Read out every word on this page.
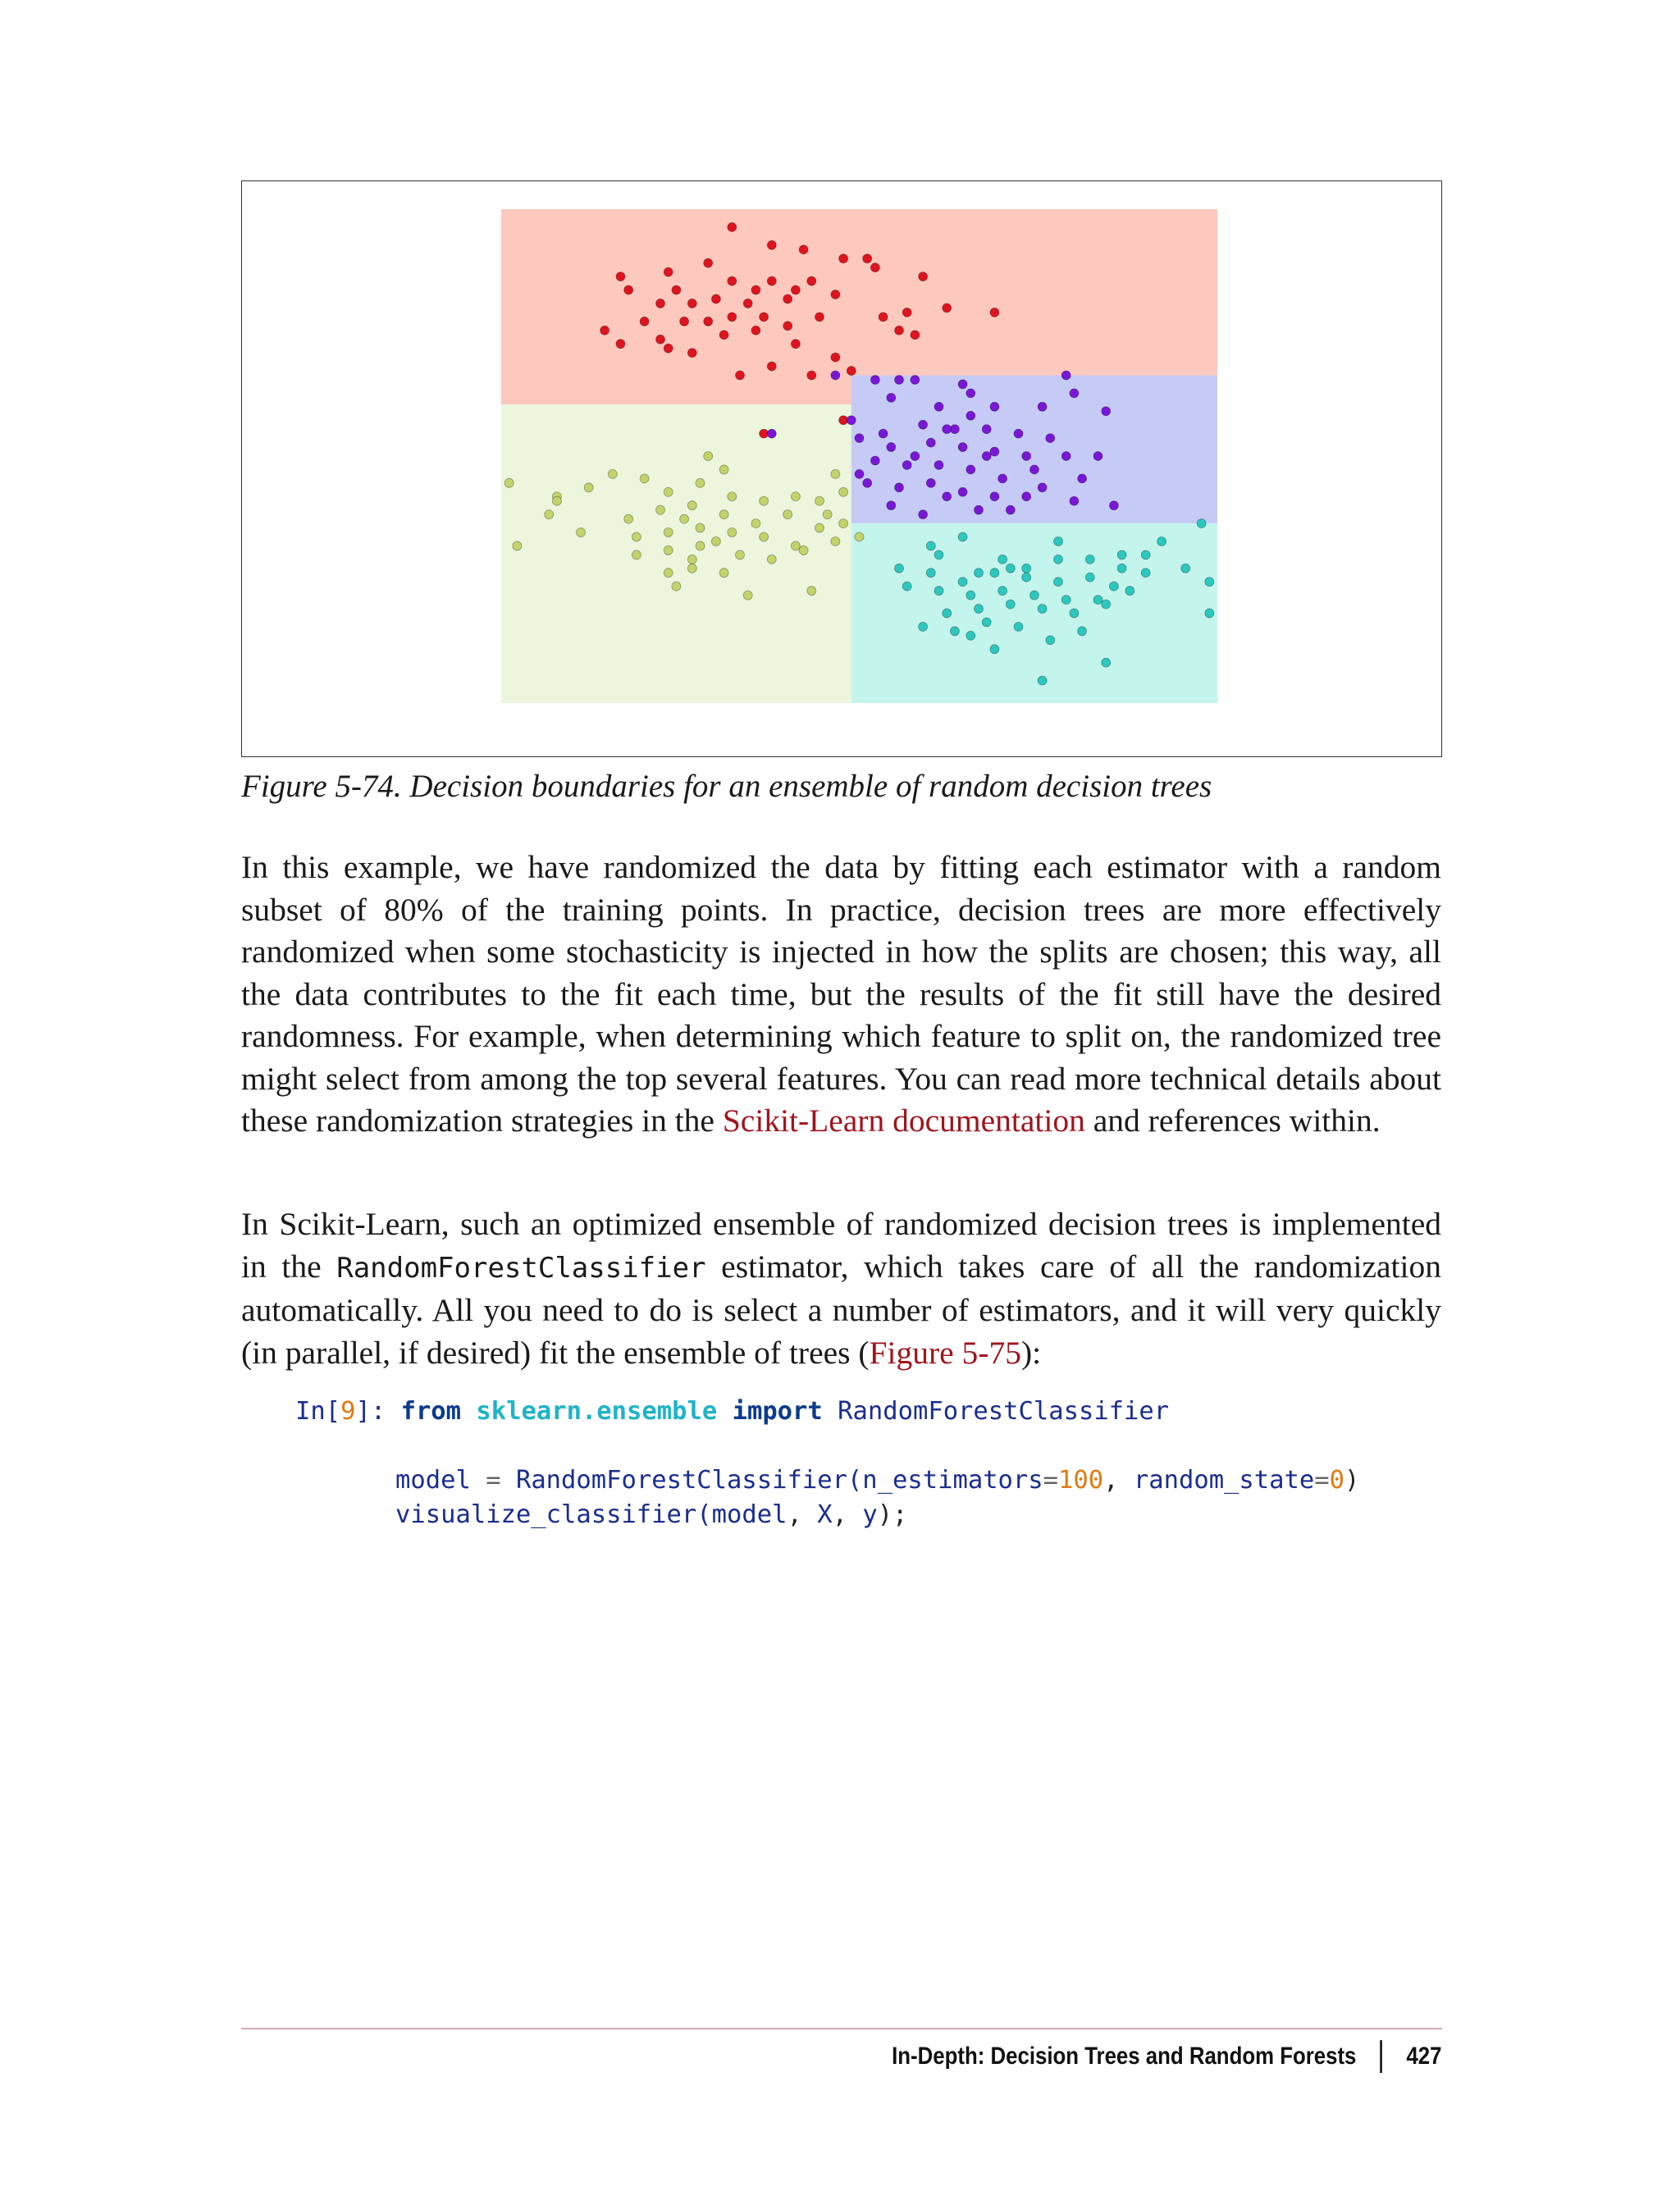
Figure 5-74. Decision boundaries for an ensemble of random decision trees
In this example, we have randomized the data by fitting each estimator with a random subset of 80% of the training points. In practice, decision trees are more effectively randomized when some stochasticity is injected in how the splits are chosen; this way, all the data contributes to the fit each time, but the results of the fit still have the desired randomness. For example, when determining which feature to split on, the randomized tree might select from among the top several features. You can read more technical details about these randomization strategies in the Scikit-Learn documentation and references within.
In Scikit-Learn, such an optimized ensemble of randomized decision trees is implemented in the RandomForestClassifier estimator, which takes care of all the randomization automatically. All you need to do is select a number of estimators, and it will very quickly (in parallel, if desired) fit the ensemble of trees (Figure 5-75):

In[9]: from sklearn.ensemble import RandomForestClassifier

model = RandomForestClassifier(n_estimators=100, random_state=0)

visualize_classifier(model, X, y);

In-Depth: Decision Trees and Random Forests 427
